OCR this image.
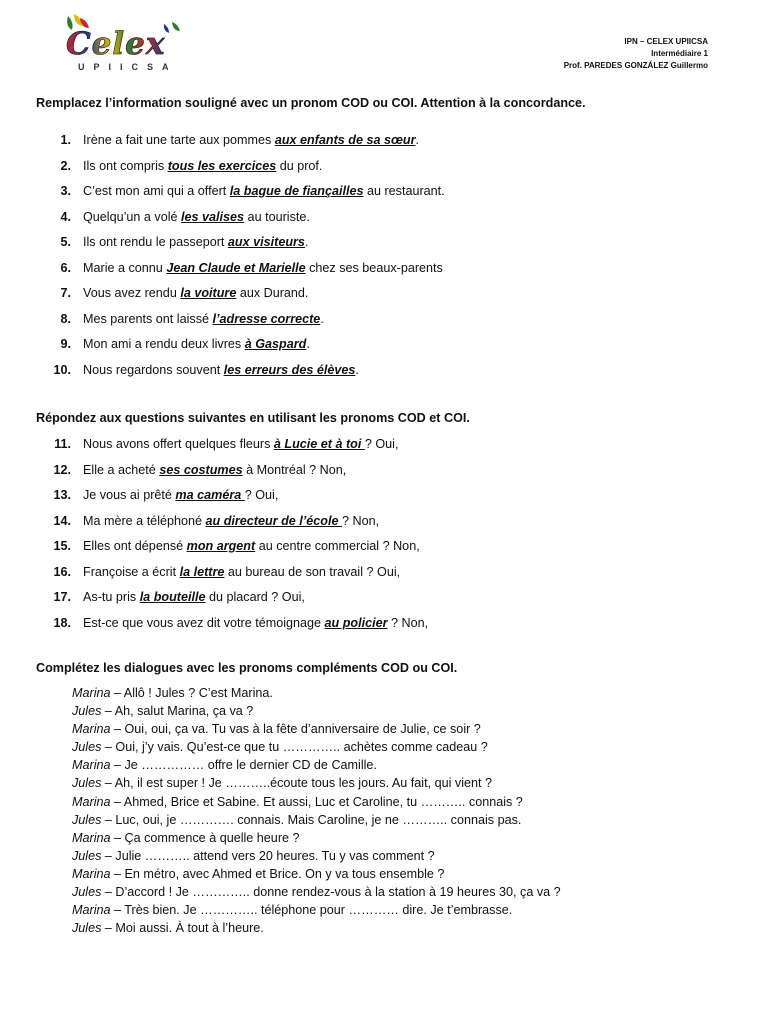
Celex
UPIICSA
IPN – CELEX UPIICSA
Intermédiaire 1
Prof. PAREDES GONZÁLEZ Guillermo
Remplacez l’information souligné avec un pronom COD ou COI. Attention à la concordance.
1. Irène a fait une tarte aux pommes aux enfants de sa sœur.
2. Ils ont compris tous les exercices du prof.
3. C’est mon ami qui a offert la bague de fiançailles au restaurant.
4. Quelqu’un a volé les valises au touriste.
5. Ils ont rendu le passeport aux visiteurs.
6. Marie a connu Jean Claude et Marielle chez ses beaux-parents
7. Vous avez rendu la voiture aux Durand.
8. Mes parents ont laissé l’adresse correcte.
9. Mon ami a rendu deux livres à Gaspard.
10. Nous regardons souvent les erreurs des élèves.
Répondez aux questions suivantes en utilisant les pronoms COD et COI.
11. Nous avons offert quelques fleurs à Lucie et à toi ? Oui,
12. Elle a acheté ses costumes à Montréal ? Non,
13. Je vous ai prêté ma caméra ? Oui,
14. Ma mère a téléphoné au directeur de l’école ? Non,
15. Elles ont dépensé mon argent au centre commercial ? Non,
16. Françoise a écrit la lettre au bureau de son travail ? Oui,
17. As-tu pris la bouteille du placard ? Oui,
18. Est-ce que vous avez dit votre témoignage au policier ? Non,
Complétez les dialogues avec les pronoms compléments COD ou COI.
Marina – Allô ! Jules ? C’est Marina.
Jules – Ah, salut Marina, ça va ?
Marina – Oui, oui, ça va. Tu vas à la fête d’anniversaire de Julie, ce soir ?
Jules – Oui, j’y vais. Qu’est-ce que tu ………….. achètes comme cadeau ?
Marina – Je …………… offre le dernier CD de Camille.
Jules – Ah, il est super ! Je ………..écoute tous les jours. Au fait, qui vient ?
Marina – Ahmed, Brice et Sabine. Et aussi, Luc et Caroline, tu ……….. connais ?
Jules – Luc, oui, je …………. connais. Mais Caroline, je ne ……….. connais pas.
Marina – Ça commence à quelle heure ?
Jules – Julie ……….. attend vers 20 heures. Tu y vas comment ?
Marina – En métro, avec Ahmed et Brice. On y va tous ensemble ?
Jules – D’accord ! Je ………….. donne rendez-vous à la station à 19 heures 30, ça va ?
Marina – Très bien. Je ………….. téléphone pour ………… dire. Je t’embrasse.
Jules – Moi aussi. À tout à l’heure.
